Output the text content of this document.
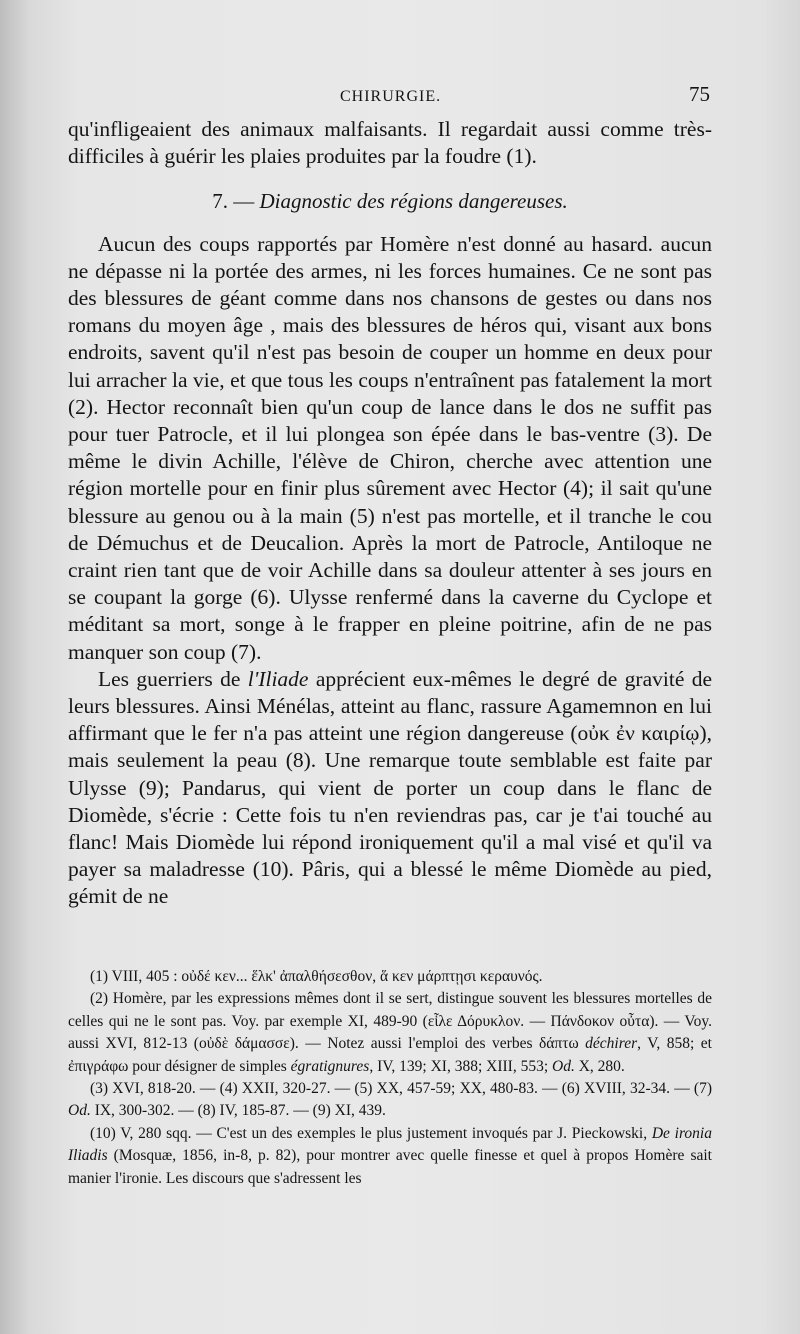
CHIRURGIE.	75

qu'infligeaient des animaux malfaisants. Il regardait aussi comme très-difficiles à guérir les plaies produites par la foudre (1).

7. — Diagnostic des régions dangereuses.

Aucun des coups rapportés par Homère n'est donné au hasard. aucun ne dépasse ni la portée des armes, ni les forces humaines. Ce ne sont pas des blessures de géant comme dans nos chansons de gestes ou dans nos romans du moyen âge , mais des blessures de héros qui, visant aux bons endroits, savent qu'il n'est pas besoin de couper un homme en deux pour lui arracher la vie, et que tous les coups n'entraînent pas fatalement la mort (2). Hector reconnaît bien qu'un coup de lance dans le dos ne suffit pas pour tuer Patrocle, et il lui plongea son épée dans le bas-ventre (3). De même le divin Achille, l'élève de Chiron, cherche avec attention une région mortelle pour en finir plus sûrement avec Hector (4); il sait qu'une blessure au genou ou à la main (5) n'est pas mortelle, et il tranche le cou de Démuchus et de Deucalion. Après la mort de Patrocle, Antiloque ne craint rien tant que de voir Achille dans sa douleur attenter à ses jours en se coupant la gorge (6). Ulysse renfermé dans la caverne du Cyclope et méditant sa mort, songe à le frapper en pleine poitrine, afin de ne pas manquer son coup (7).

Les guerriers de l'Iliade apprécient eux-mêmes le degré de gravité de leurs blessures. Ainsi Ménélas, atteint au flanc, rassure Agamemnon en lui affirmant que le fer n'a pas atteint une région dangereuse (οὐκ ἐν καιρίῳ), mais seulement la peau (8). Une remarque toute semblable est faite par Ulysse (9); Pandarus, qui vient de porter un coup dans le flanc de Diomède, s'écrie : Cette fois tu n'en reviendras pas, car je t'ai touché au flanc! Mais Diomède lui répond ironiquement qu'il a mal visé et qu'il va payer sa maladresse (10). Pâris, qui a blessé le même Diomède au pied, gémit de ne

(1) VIII, 405 : οὐδέ κεν... ἕλκ' ἀπαλθήσεσθον, ἅ κεν μάρπτῃσι κεραυνός.

(2) Homère, par les expressions mêmes dont il se sert, distingue souvent les blessures mortelles de celles qui ne le sont pas. Voy. par exemple XI, 489-90 (εἷλε Δόρυκλον. — Πάνδοκον οὖτα). — Voy. aussi XVI, 812-13 (οὐδὲ δάμασσε). — Notez aussi l'emploi des verbes δάπτω déchirer, V, 858; et ἐπιγράφω pour désigner de simples égratignures, IV, 139; XI, 388; XIII, 553; Od. X, 280.

(3) XVI, 818-20. — (4) XXII, 320-27. — (5) XX, 457-59; XX, 480-83. — (6) XVIII, 32-34. — (7) Od. IX, 300-302. — (8) IV, 185-87. — (9) XI, 439.

(10) V, 280 sqq. — C'est un des exemples le plus justement invoqués par J. Pieckowski, De ironia Iliadis (Mosquæ, 1856, in-8, p. 82), pour montrer avec quelle finesse et quel à propos Homère sait manier l'ironie. Les discours que s'adressent les
